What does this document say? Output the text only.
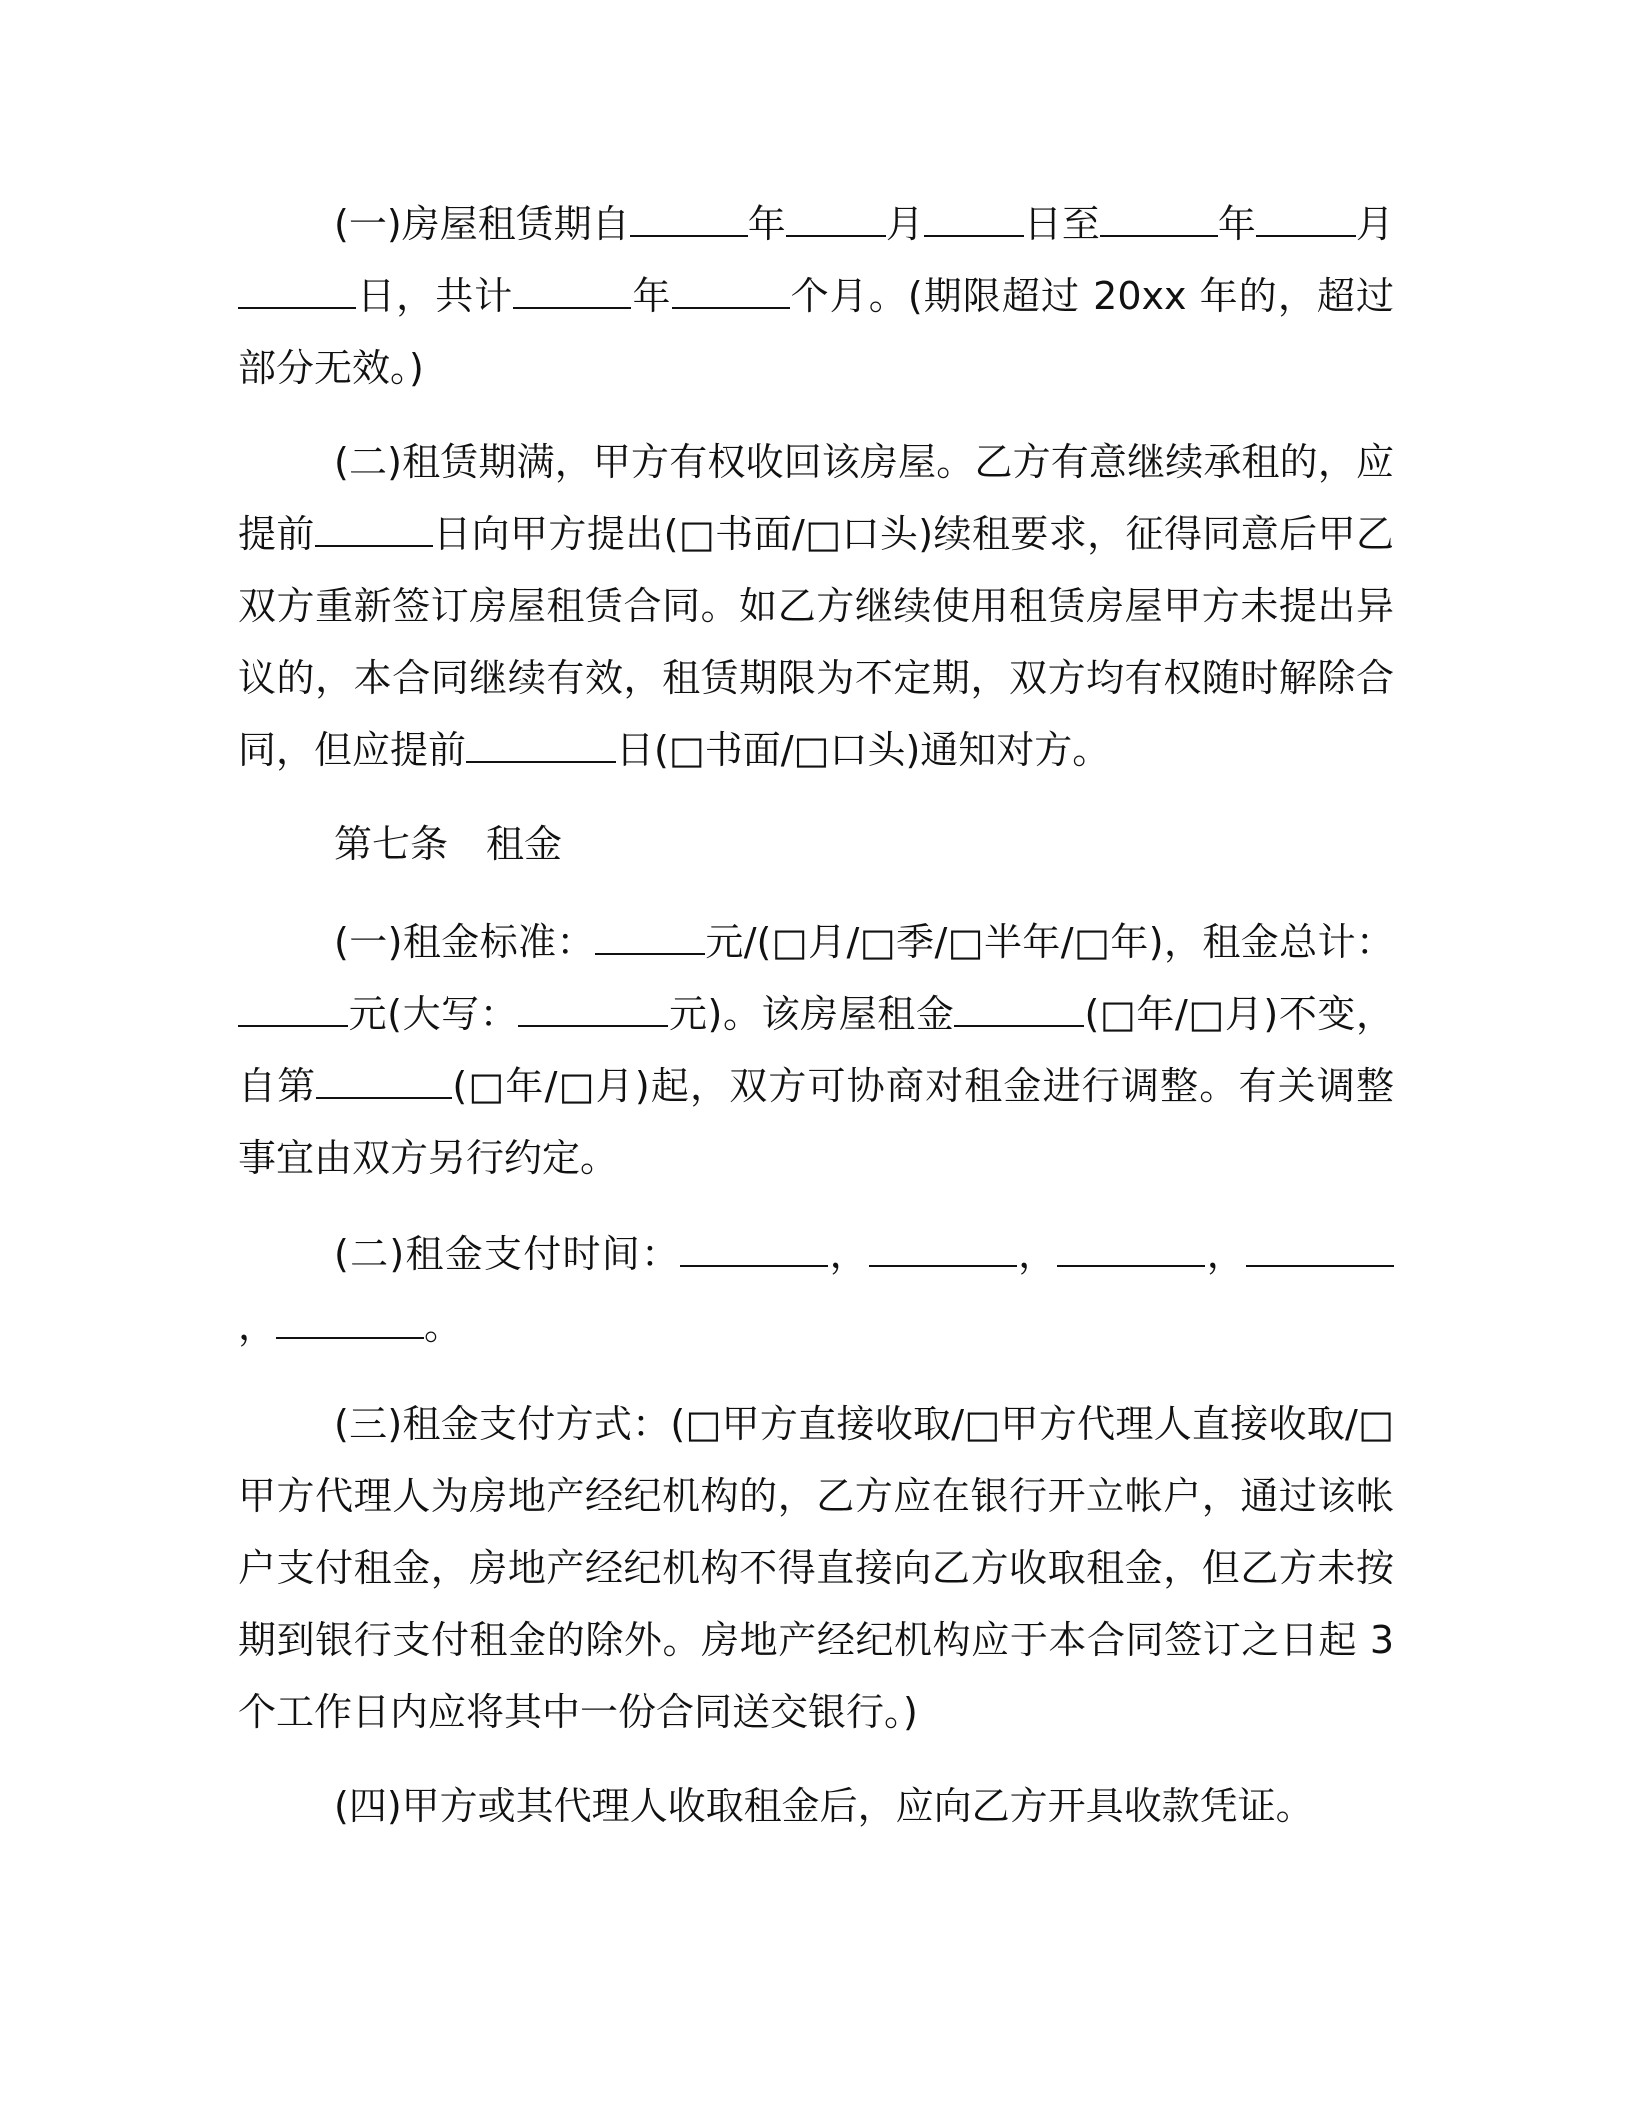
(一)房屋租赁期自	年	月	日至	年	月日，共计	年	个月。(期限超过 20xx 年的，超过部分无效。)
(二)租赁期满，甲方有权收回该房屋。乙方有意继续承租的，应提前	日向甲方提出(□书面/□口头)续租要求，征得同意后甲乙双方重新签订房屋租赁合同。如乙方继续使用租赁房屋甲方未提出异议的，本合同继续有效，租赁期限为不定期，双方均有权随时解除合同，但应提前	日(□书面/□口头)通知对方。
第七条　租金
(一)租金标准：	元/(□月/□季/□半年/□年)，租金总计：元(大写：	元)。该房屋租金	(□年/□月)不变，自第	(□年/□月)起，双方可协商对租金进行调整。有关调整事宜由双方另行约定。
(二)租金支付时间：	，	，	，，	。
(三)租金支付方式：(□甲方直接收取/□甲方代理人直接收取/□甲方代理人为房地产经纪机构的，乙方应在银行开立帐户，通过该帐户支付租金，房地产经纪机构不得直接向乙方收取租金，但乙方未按期到银行支付租金的除外。房地产经纪机构应于本合同签订之日起 3 个工作日内应将其中一份合同送交银行。)
(四)甲方或其代理人收取租金后，应向乙方开具收款凭证。
